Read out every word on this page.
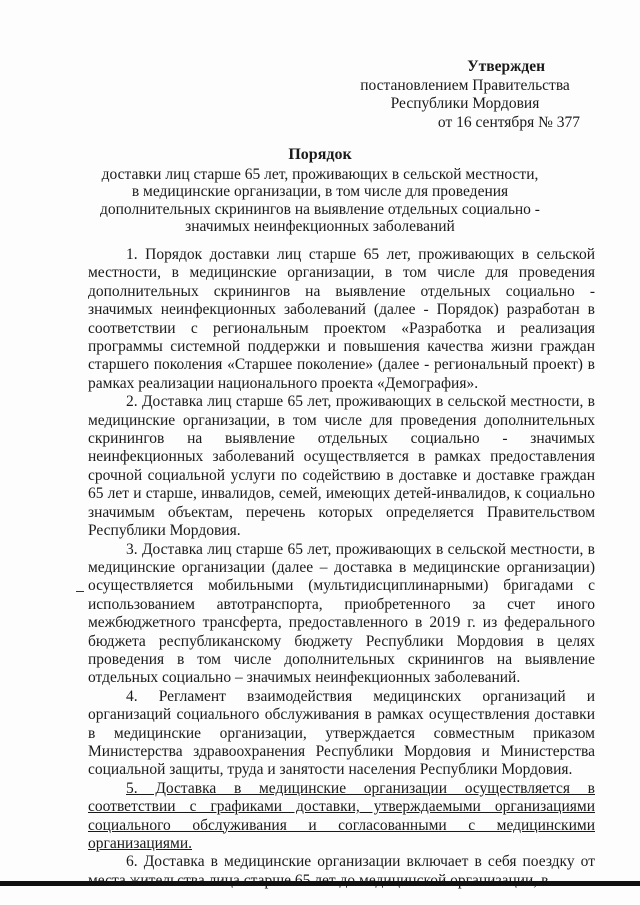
Утвержден
постановлением Правительства
Республики Мордовия
от 16 сентября № 377
Порядок
доставки лиц старше 65 лет, проживающих в сельской местности, в медицинские организации, в том числе для проведения дополнительных скринингов на выявление отдельных социально - значимых неинфекционных заболеваний

1. Порядок доставки лиц старше 65 лет, проживающих в сельской местности, в медицинские организации, в том числе для проведения дополнительных скринингов на выявление отдельных социально - значимых неинфекционных заболеваний (далее - Порядок) разработан в соответствии с региональным проектом «Разработка и реализация программы системной поддержки и повышения качества жизни граждан старшего поколения «Старшее поколение» (далее - региональный проект) в рамках реализации национального проекта «Демография».

2. Доставка лиц старше 65 лет, проживающих в сельской местности, в медицинские организации, в том числе для проведения дополнительных скринингов на выявление отдельных социально - значимых неинфекционных заболеваний осуществляется в рамках предоставления срочной социальной услуги по содействию в доставке и доставке граждан 65 лет и старше, инвалидов, семей, имеющих детей-инвалидов, к социально значимым объектам, перечень которых определяется Правительством Республики Мордовия.

3. Доставка лиц старше 65 лет, проживающих в сельской местности, в медицинские организации (далее – доставка в медицинские организации) осуществляется мобильными (мультидисциплинарными) бригадами с использованием автотранспорта, приобретенного за счет иного межбюджетного трансферта, предоставленного в 2019 г. из федерального бюджета республиканскому бюджету Республики Мордовия в целях проведения в том числе дополнительных скринингов на выявление отдельных социально – значимых неинфекционных заболеваний.

4. Регламент взаимодействия медицинских организаций и организаций социального обслуживания в рамках осуществления доставки в медицинские организации, утверждается совместным приказом Министерства здравоохранения Республики Мордовия и Министерства социальной защиты, труда и занятости населения Республики Мордовия.

5. Доставка в медицинские организации осуществляется в соответствии с графиками доставки, утверждаемыми организациями социального обслуживания и согласованными с медицинскими организациями.

6. Доставка в медицинские организации включает в себя поездку от
